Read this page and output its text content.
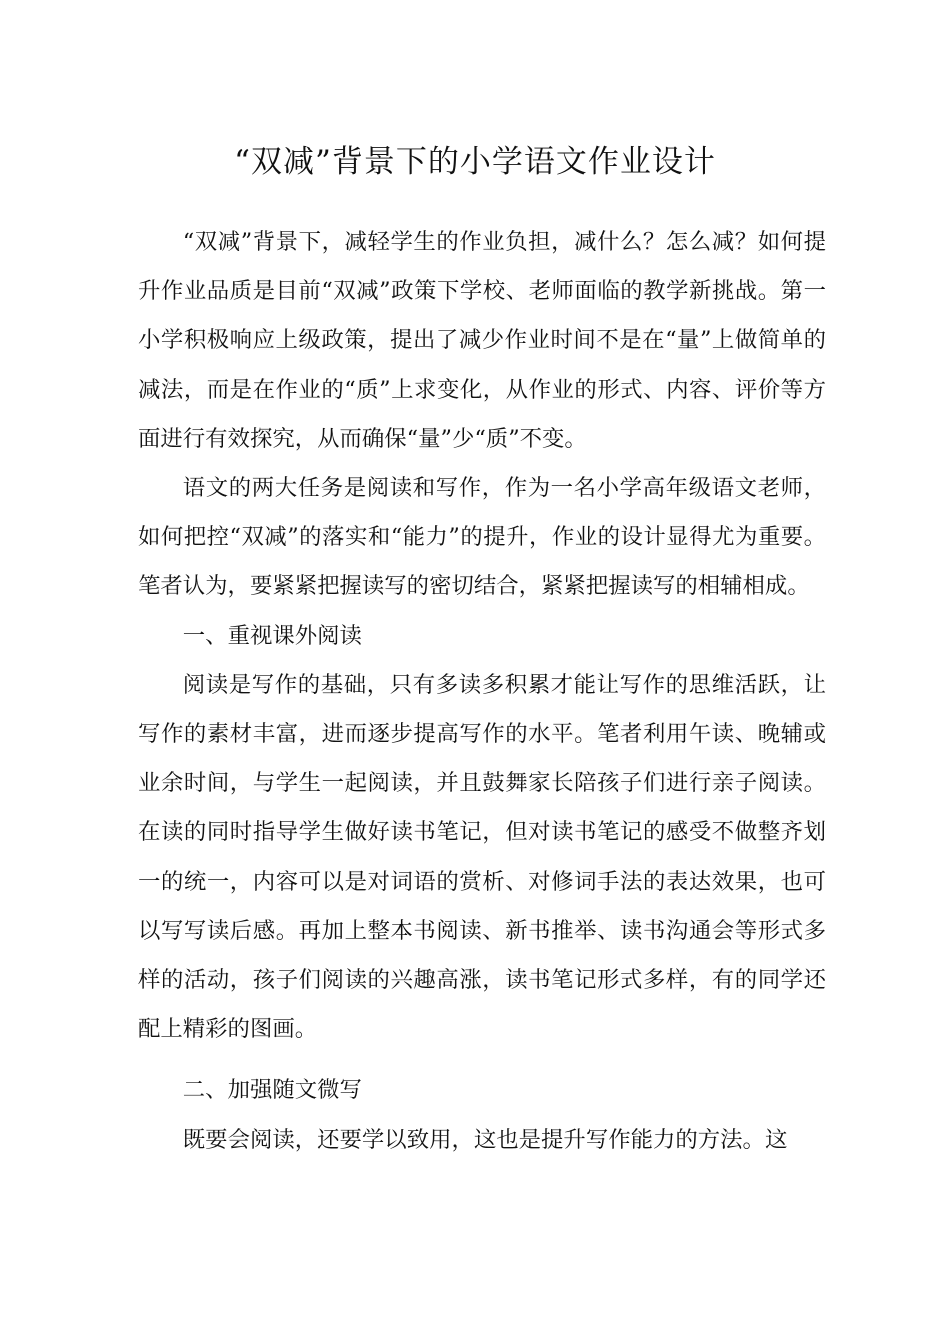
“双减”背景下的小学语文作业设计

“双减”背景下，减轻学生的作业负担，减什么？怎么减？如何提升作业品质是目前“双减”政策下学校、老师面临的教学新挑战。第一小学积极响应上级政策，提出了减少作业时间不是在“量”上做简单的减法，而是在作业的“质”上求变化，从作业的形式、内容、评价等方面进行有效探究，从而确保“量”少“质”不变。

语文的两大任务是阅读和写作，作为一名小学高年级语文老师，如何把控“双减”的落实和“能力”的提升，作业的设计显得尤为重要。笔者认为，要紧紧把握读写的密切结合，紧紧把握读写的相辅相成。

一、重视课外阅读

阅读是写作的基础，只有多读多积累才能让写作的思维活跃，让写作的素材丰富，进而逐步提高写作的水平。笔者利用午读、晚辅或业余时间，与学生一起阅读，并且鼓舞家长陪孩子们进行亲子阅读。在读的同时指导学生做好读书笔记，但对读书笔记的感受不做整齐划一的统一，内容可以是对词语的赏析、对修词手法的表达效果，也可以写写读后感。再加上整本书阅读、新书推举、读书沟通会等形式多样的活动，孩子们阅读的兴趣高涨，读书笔记形式多样，有的同学还配上精彩的图画。

二、加强随文微写

既要会阅读，还要学以致用，这也是提升写作能力的方法。这
